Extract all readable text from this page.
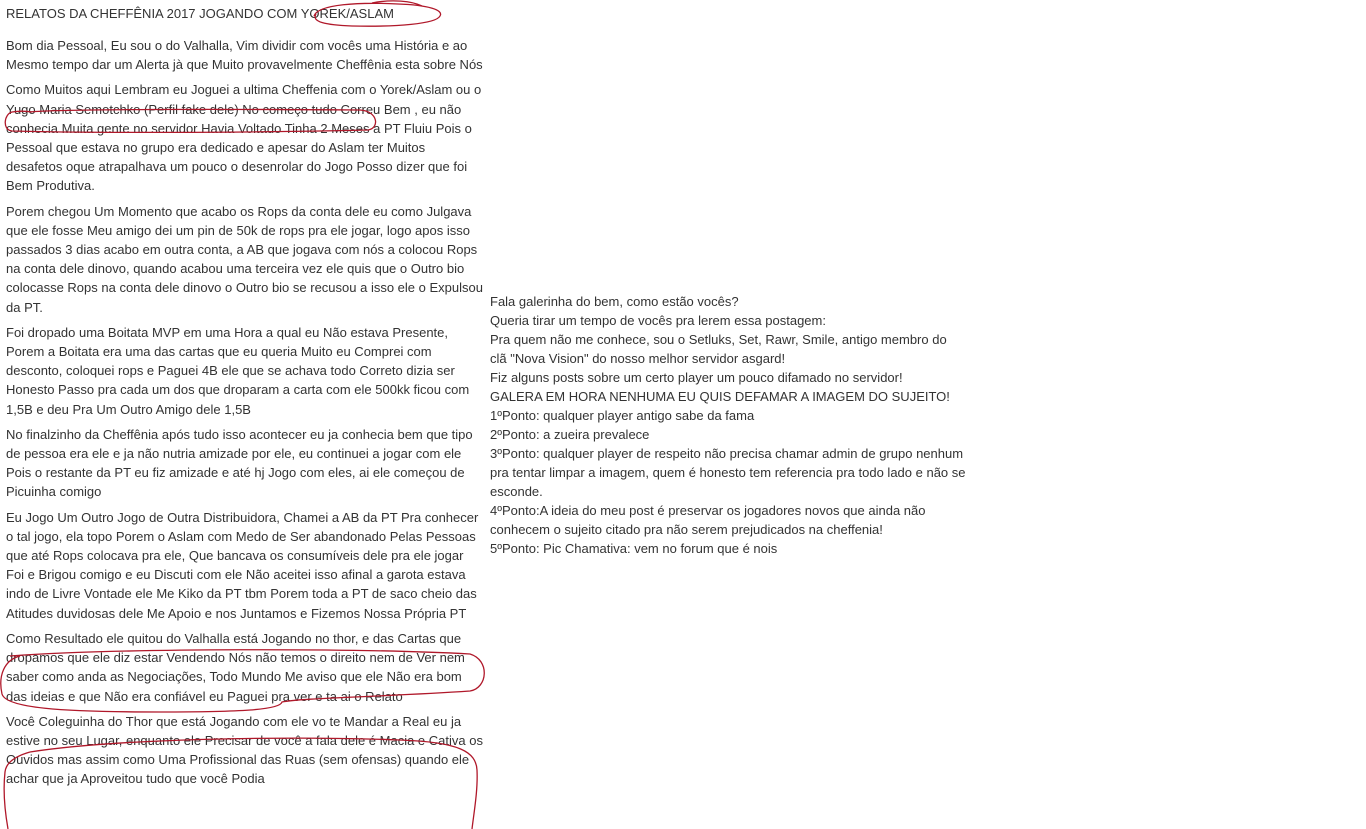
RELATOS DA CHEFFÊNIA 2017 JOGANDO COM YOREK/ASLAM

Bom dia Pessoal, Eu sou o do Valhalla, Vim dividir com vocês uma História e ao Mesmo tempo dar um Alerta jà que Muito provavelmente Cheffênia esta sobre Nós

Como Muitos aqui Lembram eu Joguei a ultima Cheffenia com o Yorek/Aslam ou o Yugo Maria Semotchko (Perfil fake dele) No começo tudo Correu Bem , eu não conhecia Muita gente no servidor Havia Voltado Tinha 2 Meses a PT Fluiu Pois o Pessoal que estava no grupo era dedicado e apesar do Aslam ter Muitos desafetos oque atrapalhava um pouco o desenrolar do Jogo Posso dizer que foi Bem Produtiva.

Porem chegou Um Momento que acabo os Rops da conta dele eu como Julgava que ele fosse Meu amigo dei um pin de 50k de rops pra ele jogar, logo apos isso passados 3 dias acabo em outra conta, a AB que jogava com nós a colocou Rops na conta dele dinovo, quando acabou uma terceira vez ele quis que o Outro bio colocasse Rops na conta dele dinovo o Outro bio se recusou a isso ele o Expulsou da PT.

Foi dropado uma Boitata MVP em uma Hora a qual eu Não estava Presente, Porem a Boitata era uma das cartas que eu queria Muito eu Comprei com desconto, coloquei rops e Paguei 4B ele que se achava todo Correto dizia ser Honesto Passo pra cada um dos que droparam a carta com ele 500kk ficou com 1,5B e deu Pra Um Outro Amigo dele 1,5B

No finalzinho da Cheffênia após tudo isso acontecer eu ja conhecia bem que tipo de pessoa era ele e ja não nutria amizade por ele, eu continuei a jogar com ele Pois o restante da PT eu fiz amizade e até hj Jogo com eles, ai ele começou de Picuinha comigo

Eu Jogo Um Outro Jogo de Outra Distribuidora, Chamei a AB da PT Pra conhecer o tal jogo, ela topo Porem o Aslam com Medo de Ser abandonado Pelas Pessoas que até Rops colocava pra ele, Que bancava os consumíveis dele pra ele jogar Foi e Brigou comigo e eu Discuti com ele Não aceitei isso afinal a garota estava indo de Livre Vontade ele Me Kiko da PT tbm Porem toda a PT de saco cheio das Atitudes duvidosas dele Me Apoio e nos Juntamos e Fizemos Nossa Própria PT

Como Resultado ele quitou do Valhalla está Jogando no thor, e das Cartas que dropamos que ele diz estar Vendendo Nós não temos o direito nem de Ver nem saber como anda as Negociações, Todo Mundo Me aviso que ele Não era bom das ideias e que Não era confiável eu Paguei pra ver e ta ai o Relato

Você Coleguinha do Thor que está Jogando com ele vo te Mandar a Real eu ja estive no seu Lugar, enquanto ele Precisar de você a fala dele é Macia e Cativa os Ouvidos mas assim como Uma Profissional das Ruas (sem ofensas) quando ele achar que ja Aproveitou tudo que você Podia

Fala galerinha do bem, como estão vocês?

Queria tirar um tempo de vocês pra lerem essa postagem:

Pra quem não me conhece, sou o Setluks, Set, Rawr, Smile, antigo membro do clã "Nova Vision" do nosso melhor servidor asgard!

Fiz alguns posts sobre um certo player um pouco difamado no servidor!

GALERA EM HORA NENHUMA EU QUIS DEFAMAR A IMAGEM DO SUJEITO!

1ºPonto: qualquer player antigo sabe da fama

2ºPonto: a zueira prevalece

3ºPonto: qualquer player de respeito não precisa chamar admin de grupo nenhum pra tentar limpar a imagem, quem é honesto tem referencia pra todo lado e não se esconde.

4ºPonto:A ideia do meu post é preservar os jogadores novos que ainda não conhecem o sujeito citado pra não serem prejudicados na cheffenia!

5ºPonto: Pic Chamativa: vem no forum que é nois
